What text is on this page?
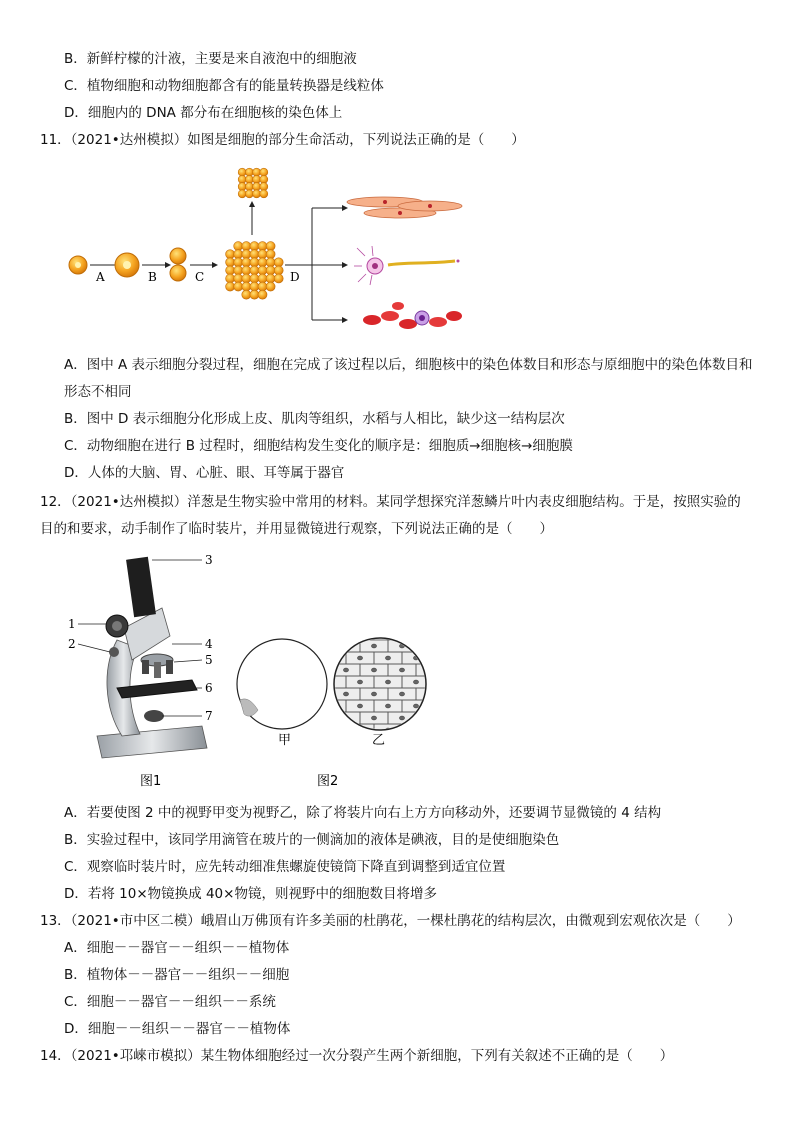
B．新鲜柠檬的汁液，主要是来自液泡中的细胞液
C．植物细胞和动物细胞都含有的能量转换器是线粒体
D．细胞内的 DNA 都分布在细胞核的染色体上
11．（2021•达州模拟）如图是细胞的部分生命活动，下列说法正确的是（　　）
A	B	C	D
A．图中 A 表示细胞分裂过程，细胞在完成了该过程以后，细胞核中的染色体数目和形态与原细胞中的染色体数目和形态不相同
B．图中 D 表示细胞分化形成上皮、肌肉等组织，水稻与人相比，缺少这一结构层次
C．动物细胞在进行 B 过程时，细胞结构发生变化的顺序是：细胞质→细胞核→细胞膜
D．人体的大脑、胃、心脏、眼、耳等属于器官
12．（2021•达州模拟）洋葱是生物实验中常用的材料。某同学想探究洋葱鳞片叶内表皮细胞结构。于是，按照实验的目的和要求，动手制作了临时装片，并用显微镜进行观察，下列说法正确的是（　　）
3
1
2	4
5
6
7
甲	乙
图1	图2
A．若要使图 2 中的视野甲变为视野乙，除了将装片向右上方方向移动外，还要调节显微镜的 4 结构
B．实验过程中，该同学用滴管在玻片的一侧滴加的液体是碘液，目的是使细胞染色
C．观察临时装片时，应先转动细准焦螺旋使镜筒下降直到调整到适宜位置
D．若将 10×物镜换成 40×物镜，则视野中的细胞数目将增多
13．（2021•市中区二模）峨眉山万佛顶有许多美丽的杜鹃花，一棵杜鹃花的结构层次，由微观到宏观依次是（　　）
A．细胞－－器官－－组织－－植物体
B．植物体－－器官－－组织－－细胞
C．细胞－－器官－－组织－－系统
D．细胞－－组织－－器官－－植物体
14．（2021•邛崍市模拟）某生物体细胞经过一次分裂产生两个新细胞，下列有关叙述不正确的是（　　）
